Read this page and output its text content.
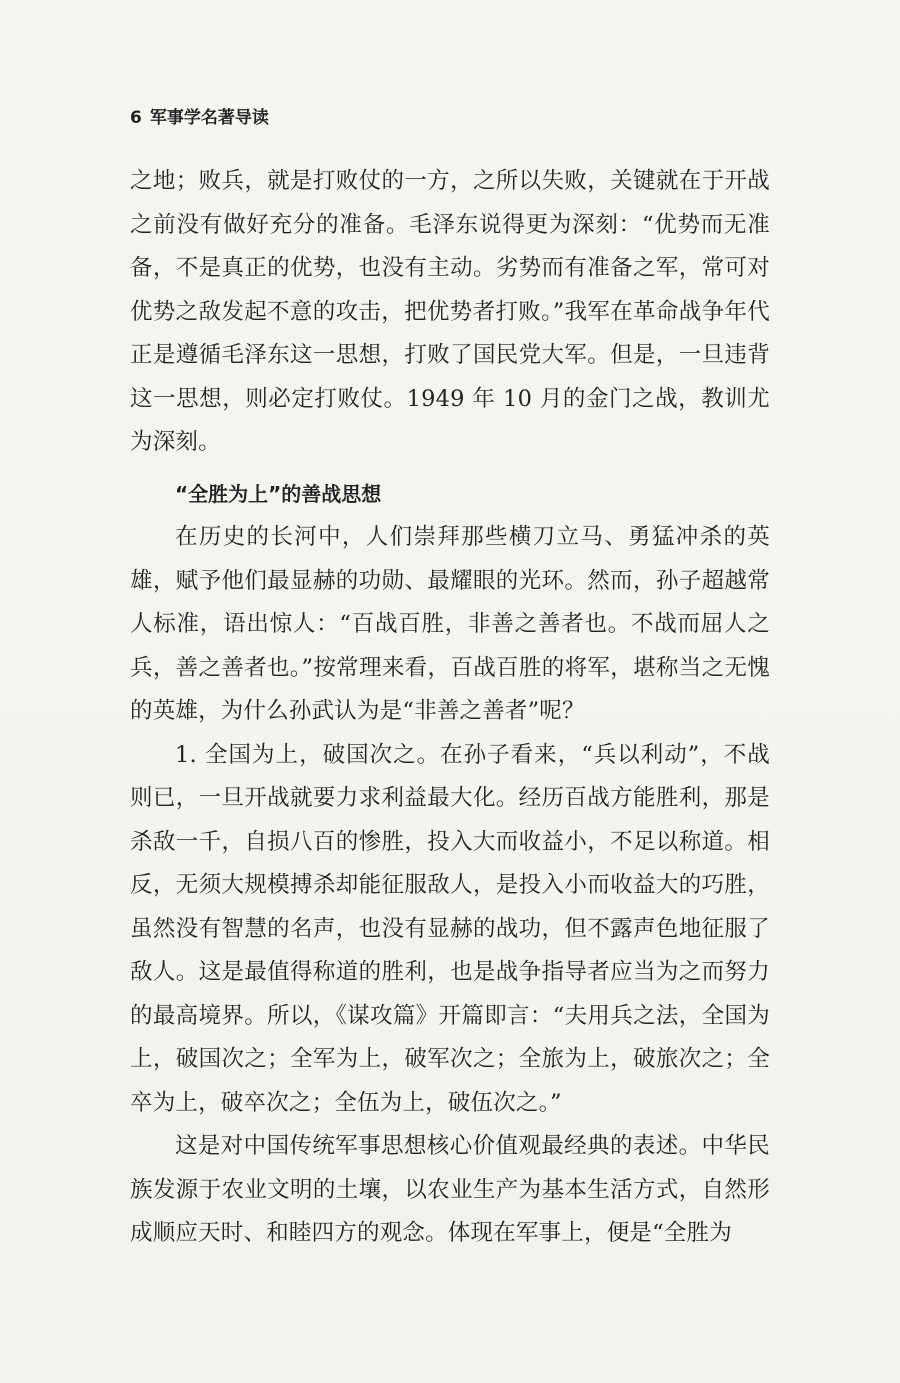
6 军事学名著导读

之地；败兵，就是打败仗的一方，之所以失败，关键就在于开战之前没有做好充分的准备。毛泽东说得更为深刻：“优势而无准备，不是真正的优势，也没有主动。劣势而有准备之军，常可对优势之敌发起不意的攻击，把优势者打败。”我军在革命战争年代正是遵循毛泽东这一思想，打败了国民党大军。但是，一旦违背这一思想，则必定打败仗。1949 年 10 月的金门之战，教训尤为深刻。

“全胜为上”的善战思想

在历史的长河中，人们崇拜那些横刀立马、勇猛冲杀的英雄，赋予他们最显赫的功勋、最耀眼的光环。然而，孙子超越常人标准，语出惊人：“百战百胜，非善之善者也。不战而屈人之兵，善之善者也。”按常理来看，百战百胜的将军，堪称当之无愧的英雄，为什么孙武认为是“非善之善者”呢？

1. 全国为上，破国次之。在孙子看来，“兵以利动”，不战则已，一旦开战就要力求利益最大化。经历百战方能胜利，那是杀敌一千，自损八百的惨胜，投入大而收益小，不足以称道。相反，无须大规模搏杀却能征服敌人，是投入小而收益大的巧胜，虽然没有智慧的名声，也没有显赫的战功，但不露声色地征服了敌人。这是最值得称道的胜利，也是战争指导者应当为之而努力的最高境界。所以，《谋攻篇》开篇即言：“夫用兵之法，全国为上，破国次之；全军为上，破军次之；全旅为上，破旅次之；全卒为上，破卒次之；全伍为上，破伍次之。”

这是对中国传统军事思想核心价值观最经典的表述。中华民族发源于农业文明的土壤，以农业生产为基本生活方式，自然形成顺应天时、和睦四方的观念。体现在军事上，便是“全胜为
